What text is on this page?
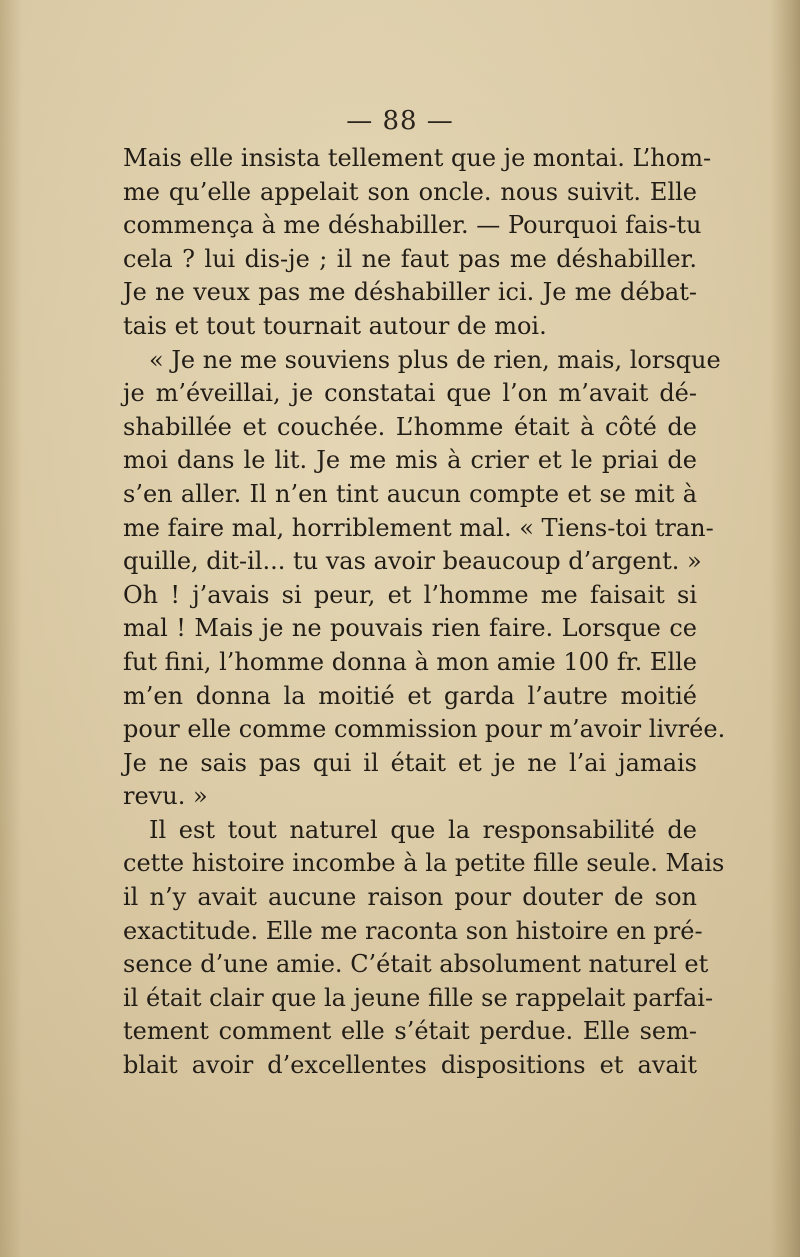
— 88 —
Mais elle insista tellement que je montai. L’hom-
me qu’elle appelait son oncle. nous suivit. Elle
commença à me déshabiller. — Pourquoi fais-tu
cela ? lui dis-je ; il ne faut pas me déshabiller.
Je ne veux pas me déshabiller ici. Je me débat-
tais et tout tournait autour de moi.
« Je ne me souviens plus de rien, mais, lorsque
je m’éveillai, je constatai que l’on m’avait dé-
shabillée et couchée. L’homme était à côté de
moi dans le lit. Je me mis à crier et le priai de
s’en aller. Il n’en tint aucun compte et se mit à
me faire mal, horriblement mal. « Tiens-toi tran-
quille, dit-il... tu vas avoir beaucoup d’argent. »
Oh ! j’avais si peur, et l’homme me faisait si
mal ! Mais je ne pouvais rien faire. Lorsque ce
fut fini, l’homme donna à mon amie 100 fr. Elle
m’en donna la moitié et garda l’autre moitié
pour elle comme commission pour m’avoir livrée.
Je ne sais pas qui il était et je ne l’ai jamais
revu. »
Il est tout naturel que la responsabilité de
cette histoire incombe à la petite fille seule. Mais
il n’y avait aucune raison pour douter de son
exactitude. Elle me raconta son histoire en pré-
sence d’une amie. C’était absolument naturel et
il était clair que la jeune fille se rappelait parfai-
tement comment elle s’était perdue. Elle sem-
blait avoir d’excellentes dispositions et avait
